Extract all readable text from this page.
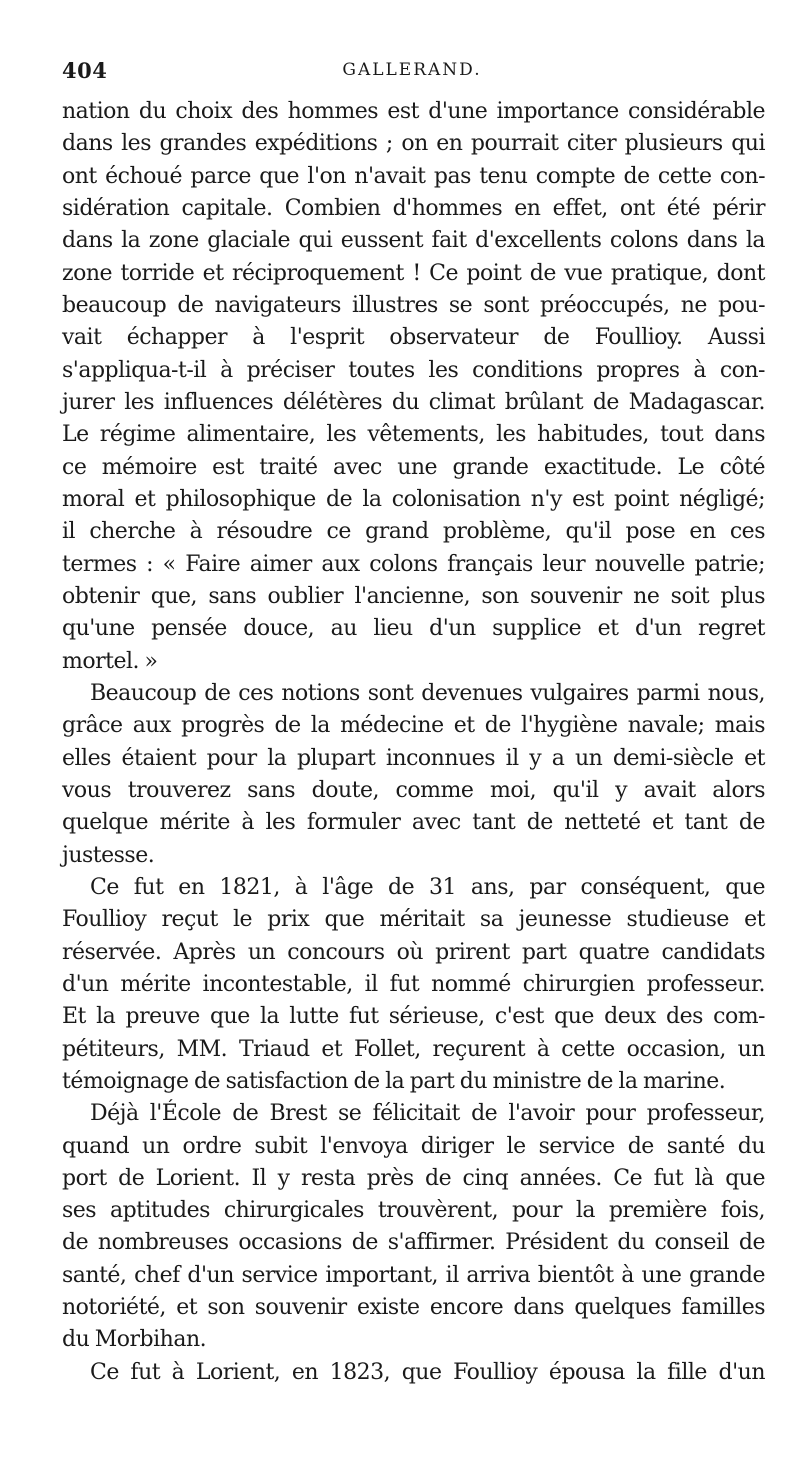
404	GALLERAND.
nation du choix des hommes est d'une importance considérable
dans les grandes expéditions ; on en pourrait citer plusieurs qui
ont échoué parce que l'on n'avait pas tenu compte de cette con-
sidération capitale. Combien d'hommes en effet, ont été périr
dans la zone glaciale qui eussent fait d'excellents colons dans la
zone torride et réciproquement ! Ce point de vue pratique, dont
beaucoup de navigateurs illustres se sont préoccupés, ne pou-
vait échapper à l'esprit observateur de Foullioy. Aussi
s'appliqua-t-il à préciser toutes les conditions propres à con-
jurer les influences délétères du climat brûlant de Madagascar.
Le régime alimentaire, les vêtements, les habitudes, tout dans
ce mémoire est traité avec une grande exactitude. Le côté
moral et philosophique de la colonisation n'y est point négligé;
il cherche à résoudre ce grand problème, qu'il pose en ces
termes : « Faire aimer aux colons français leur nouvelle patrie;
obtenir que, sans oublier l'ancienne, son souvenir ne soit plus
qu'une pensée douce, au lieu d'un supplice et d'un regret
mortel. »
Beaucoup de ces notions sont devenues vulgaires parmi nous,
grâce aux progrès de la médecine et de l'hygiène navale; mais
elles étaient pour la plupart inconnues il y a un demi-siècle et
vous trouverez sans doute, comme moi, qu'il y avait alors
quelque mérite à les formuler avec tant de netteté et tant de
justesse.
Ce fut en 1821, à l'âge de 31 ans, par conséquent, que
Foullioy reçut le prix que méritait sa jeunesse studieuse et
réservée. Après un concours où prirent part quatre candidats
d'un mérite incontestable, il fut nommé chirurgien professeur.
Et la preuve que la lutte fut sérieuse, c'est que deux des com-
pétiteurs, MM. Triaud et Follet, reçurent à cette occasion, un
témoignage de satisfaction de la part du ministre de la marine.
Déjà l'École de Brest se félicitait de l'avoir pour professeur,
quand un ordre subit l'envoya diriger le service de santé du
port de Lorient. Il y resta près de cinq années. Ce fut là que
ses aptitudes chirurgicales trouvèrent, pour la première fois,
de nombreuses occasions de s'affirmer. Président du conseil de
santé, chef d'un service important, il arriva bientôt à une grande
notoriété, et son souvenir existe encore dans quelques familles
du Morbihan.
Ce fut à Lorient, en 1823, que Foullioy épousa la fille d'un
